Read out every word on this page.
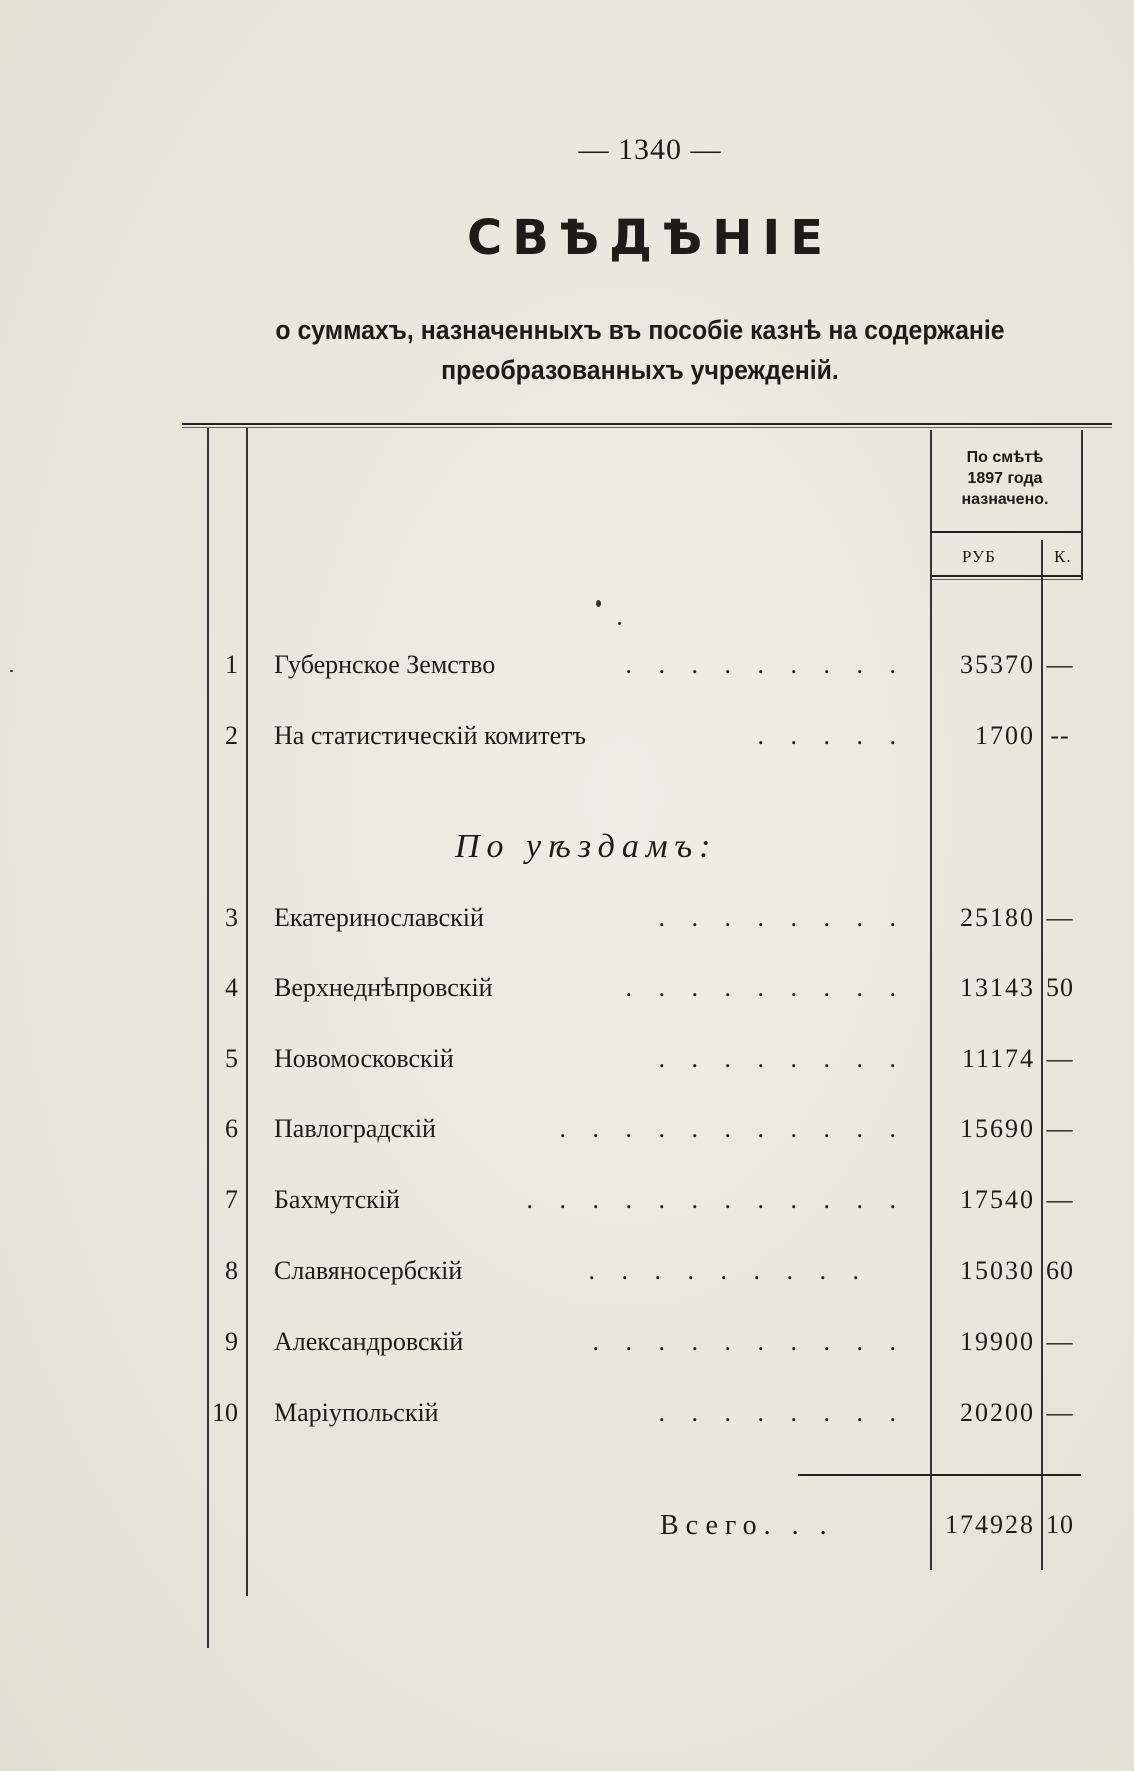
— 1340 —
СВѢДѢНІЕ
о суммахъ, назначенныхъ въ пособіе казнѣ на содержаніе
преобразованныхъ учрежденій.
По смѣтѣ
1897 года
назначено.
РУБ	К.
1 Губернское Земство	. . . . . . . . .	35370 —
2 На статистическій комитетъ	. . . . .	1700 --
По уѣздамъ:
3 Екатеринославскій	. . . . . . . .	25180 —
4 Верхнеднѣпровскій	. . . . . . . . .	13143 50
5 Новомосковскій	. . . . . . . .	11174 —
6 Павлоградскій	. . . . . . . . . . .	15690 —
7 Бахмутскій	. . . . . . . . . . . .	17540 —
8 Славяносербскій	. . . . . . . . .	15030 60
9 Александровскій	. . . . . . . . . .	19900 —
10 Маріупольскій	. . . . . . . .	20200 —
Всего. . .	174928 10
